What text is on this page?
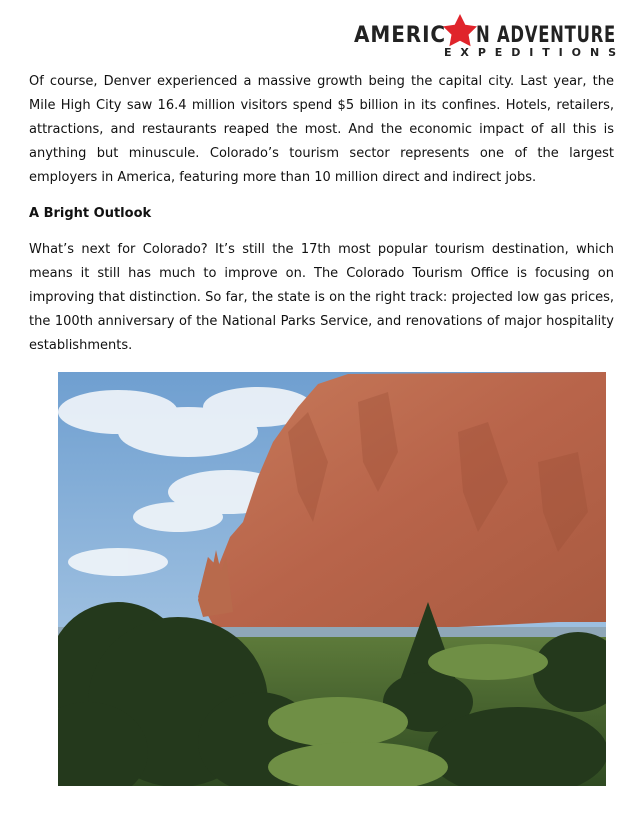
AMERIC N ADVENTURE
EXPEDITIONS

Of course, Denver experienced a massive growth being the capital city. Last year, the Mile High City saw 16.4 million visitors spend $5 billion in its confines. Hotels, retailers, attractions, and restaurants reaped the most. And the economic impact of all this is anything but minuscule. Colorado’s tourism sector represents one of the largest employers in America, featuring more than 10 million direct and indirect jobs.

A Bright Outlook

What’s next for Colorado? It’s still the 17th most popular tourism destination, which means it still has much to improve on. The Colorado Tourism Office is focusing on improving that distinction. So far, the state is on the right track: projected low gas prices, the 100th anniversary of the National Parks Service, and renovations of major hospitality establishments.
